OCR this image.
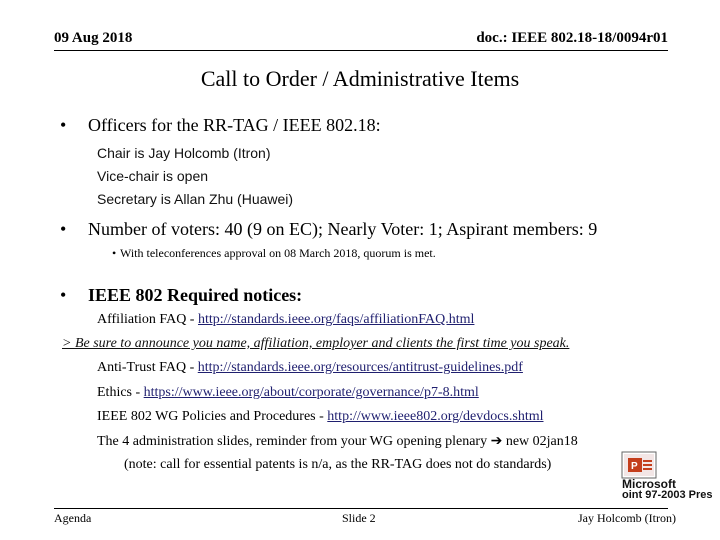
09 Aug 2018	doc.: IEEE 802.18-18/0094r01
Call to Order / Administrative Items
• Officers for the RR-TAG / IEEE 802.18:
Chair is Jay Holcomb (Itron)
Vice-chair is open
Secretary is Allan Zhu (Huawei)
• Number of voters: 40 (9 on EC); Nearly Voter: 1; Aspirant members: 9
• With teleconferences approval on 08 March 2018, quorum is met.
• IEEE 802 Required notices:
Affiliation FAQ - http://standards.ieee.org/faqs/affiliationFAQ.html
> Be sure to announce you name, affiliation, employer and clients the first time you speak.
Anti-Trust FAQ - http://standards.ieee.org/resources/antitrust-guidelines.pdf
Ethics - https://www.ieee.org/about/corporate/governance/p7-8.html
IEEE 802 WG Policies and Procedures - http://www.ieee802.org/devdocs.shtml
The 4 administration slides, reminder from your WG opening plenary ➔ new 02jan18
(note: call for essential patents is n/a, as the RR-TAG does not do standards)	P
Microsoft
oint 97-2003 Pres
Agenda	Slide 2	Jay Holcomb (Itron)
